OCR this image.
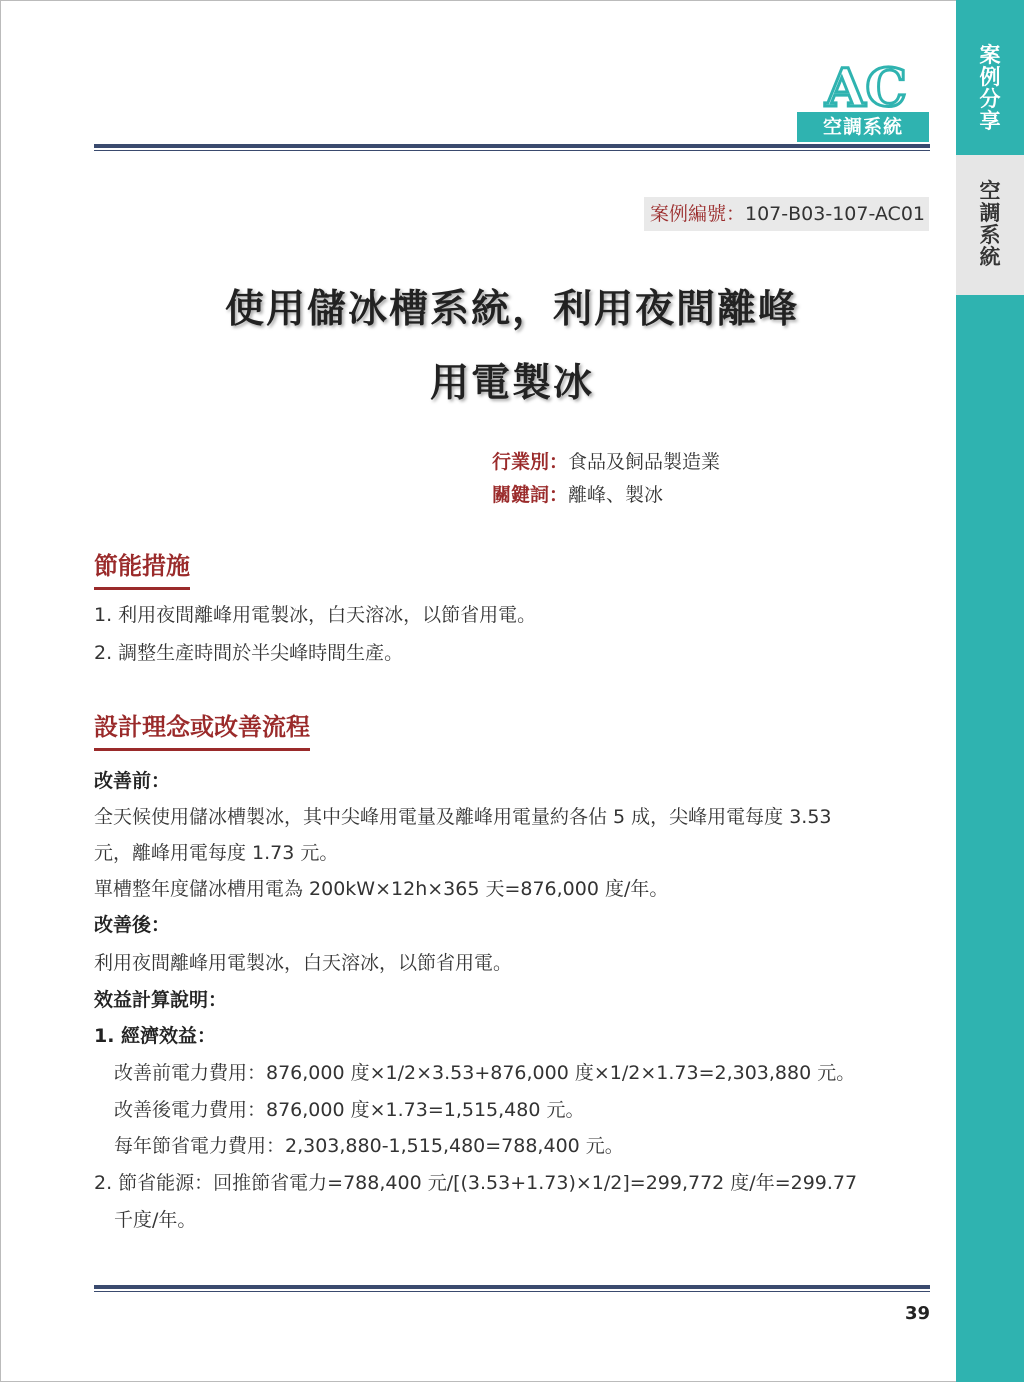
案
例
分
享
空
調
系
統
AC
空調系統
案例編號：107-B03-107-AC01
使用儲冰槽系統，利用夜間離峰
用電製冰
行業別：食品及飼品製造業
關鍵詞：離峰、製冰
節能措施
1. 利用夜間離峰用電製冰，白天溶冰，以節省用電。
2. 調整生產時間於半尖峰時間生產。
設計理念或改善流程
改善前：
全天候使用儲冰槽製冰，其中尖峰用電量及離峰用電量約各佔 5 成，尖峰用電每度 3.53
元，離峰用電每度 1.73 元。
單槽整年度儲冰槽用電為 200kW×12h×365 天=876,000 度/年。
改善後：
利用夜間離峰用電製冰，白天溶冰，以節省用電。
效益計算說明：
1. 經濟效益：
改善前電力費用：876,000 度×1/2×3.53+876,000 度×1/2×1.73=2,303,880 元。
改善後電力費用：876,000 度×1.73=1,515,480 元。
每年節省電力費用：2,303,880-1,515,480=788,400 元。
2. 節省能源：回推節省電力=788,400 元/[(3.53+1.73)×1/2]=299,772 度/年=299.77
千度/年。
39
